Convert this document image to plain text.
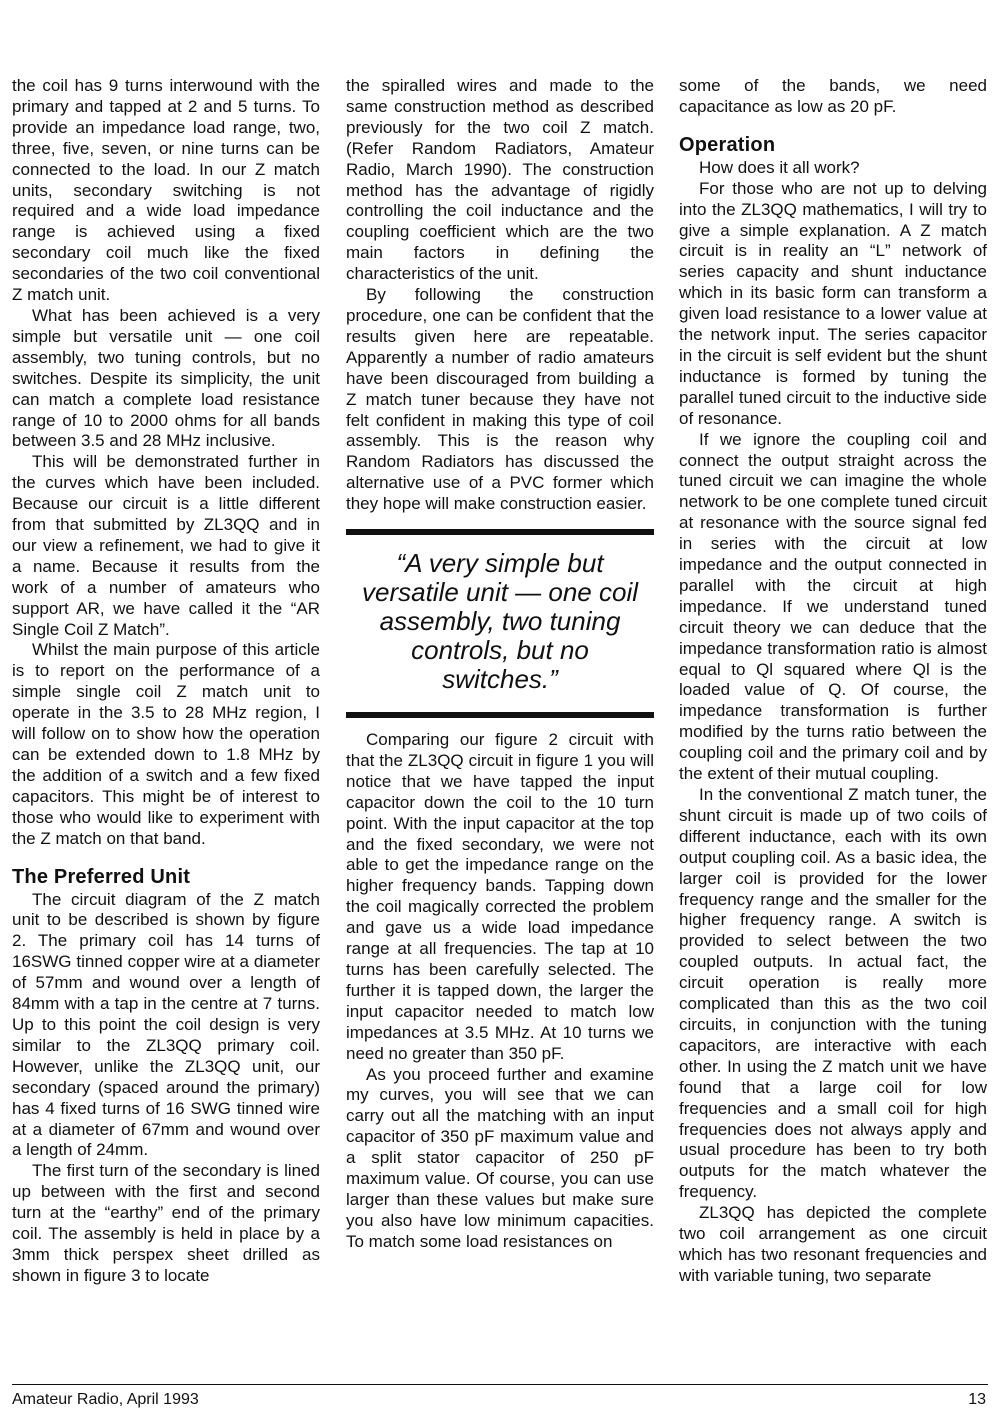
the coil has 9 turns interwound with the primary and tapped at 2 and 5 turns. To provide an impedance load range, two, three, five, seven, or nine turns can be connected to the load. In our Z match units, secondary switching is not required and a wide load impedance range is achieved using a fixed secondary coil much like the fixed secondaries of the two coil conventional Z match unit.

What has been achieved is a very simple but versatile unit — one coil assembly, two tuning controls, but no switches. Despite its simplicity, the unit can match a complete load resistance range of 10 to 2000 ohms for all bands between 3.5 and 28 MHz inclusive.

This will be demonstrated further in the curves which have been included. Because our circuit is a little different from that submitted by ZL3QQ and in our view a refinement, we had to give it a name. Because it results from the work of a number of amateurs who support AR, we have called it the “AR Single Coil Z Match”.

Whilst the main purpose of this article is to report on the performance of a simple single coil Z match unit to operate in the 3.5 to 28 MHz region, I will follow on to show how the operation can be extended down to 1.8 MHz by the addition of a switch and a few fixed capacitors. This might be of interest to those who would like to experiment with the Z match on that band.

The Preferred Unit

The circuit diagram of the Z match unit to be described is shown by figure 2. The primary coil has 14 turns of 16SWG tinned copper wire at a diameter of 57mm and wound over a length of 84mm with a tap in the centre at 7 turns. Up to this point the coil design is very similar to the ZL3QQ primary coil. However, unlike the ZL3QQ unit, our secondary (spaced around the primary) has 4 fixed turns of 16 SWG tinned wire at a diameter of 67mm and wound over a length of 24mm.

The first turn of the secondary is lined up between with the first and second turn at the “earthy” end of the primary coil. The assembly is held in place by a 3mm thick perspex sheet drilled as shown in figure 3 to locate

the spiralled wires and made to the same construction method as described previously for the two coil Z match. (Refer Random Radiators, Amateur Radio, March 1990). The construction method has the advantage of rigidly controlling the coil inductance and the coupling coefficient which are the two main factors in defining the characteristics of the unit.

By following the construction procedure, one can be confident that the results given here are repeatable. Apparently a number of radio amateurs have been discouraged from building a Z match tuner because they have not felt confident in making this type of coil assembly. This is the reason why Random Radiators has discussed the alternative use of a PVC former which they hope will make construction easier.

“A very simple but versatile unit — one coil assembly, two tuning controls, but no switches.”

Comparing our figure 2 circuit with that the ZL3QQ circuit in figure 1 you will notice that we have tapped the input capacitor down the coil to the 10 turn point. With the input capacitor at the top and the fixed secondary, we were not able to get the impedance range on the higher frequency bands. Tapping down the coil magically corrected the problem and gave us a wide load impedance range at all frequencies. The tap at 10 turns has been carefully selected. The further it is tapped down, the larger the input capacitor needed to match low impedances at 3.5 MHz. At 10 turns we need no greater than 350 pF.

As you proceed further and examine my curves, you will see that we can carry out all the matching with an input capacitor of 350 pF maximum value and a split stator capacitor of 250 pF maximum value. Of course, you can use larger than these values but make sure you also have low minimum capacities. To match some load resistances on

some of the bands, we need capacitance as low as 20 pF.

Operation

How does it all work?

For those who are not up to delving into the ZL3QQ mathematics, I will try to give a simple explanation. A Z match circuit is in reality an “L” network of series capacity and shunt inductance which in its basic form can transform a given load resistance to a lower value at the network input. The series capacitor in the circuit is self evident but the shunt inductance is formed by tuning the parallel tuned circuit to the inductive side of resonance.

If we ignore the coupling coil and connect the output straight across the tuned circuit we can imagine the whole network to be one complete tuned circuit at resonance with the source signal fed in series with the circuit at low impedance and the output connected in parallel with the circuit at high impedance. If we understand tuned circuit theory we can deduce that the impedance transformation ratio is almost equal to Ql squared where Ql is the loaded value of Q. Of course, the impedance transformation is further modified by the turns ratio between the coupling coil and the primary coil and by the extent of their mutual coupling.

In the conventional Z match tuner, the shunt circuit is made up of two coils of different inductance, each with its own output coupling coil. As a basic idea, the larger coil is provided for the lower frequency range and the smaller for the higher frequency range. A switch is provided to select between the two coupled outputs. In actual fact, the circuit operation is really more complicated than this as the two coil circuits, in conjunction with the tuning capacitors, are interactive with each other. In using the Z match unit we have found that a large coil for low frequencies and a small coil for high frequencies does not always apply and usual procedure has been to try both outputs for the match whatever the frequency.

ZL3QQ has depicted the complete two coil arrangement as one circuit which has two resonant frequencies and with variable tuning, two separate

Amateur Radio, April 1993	13
